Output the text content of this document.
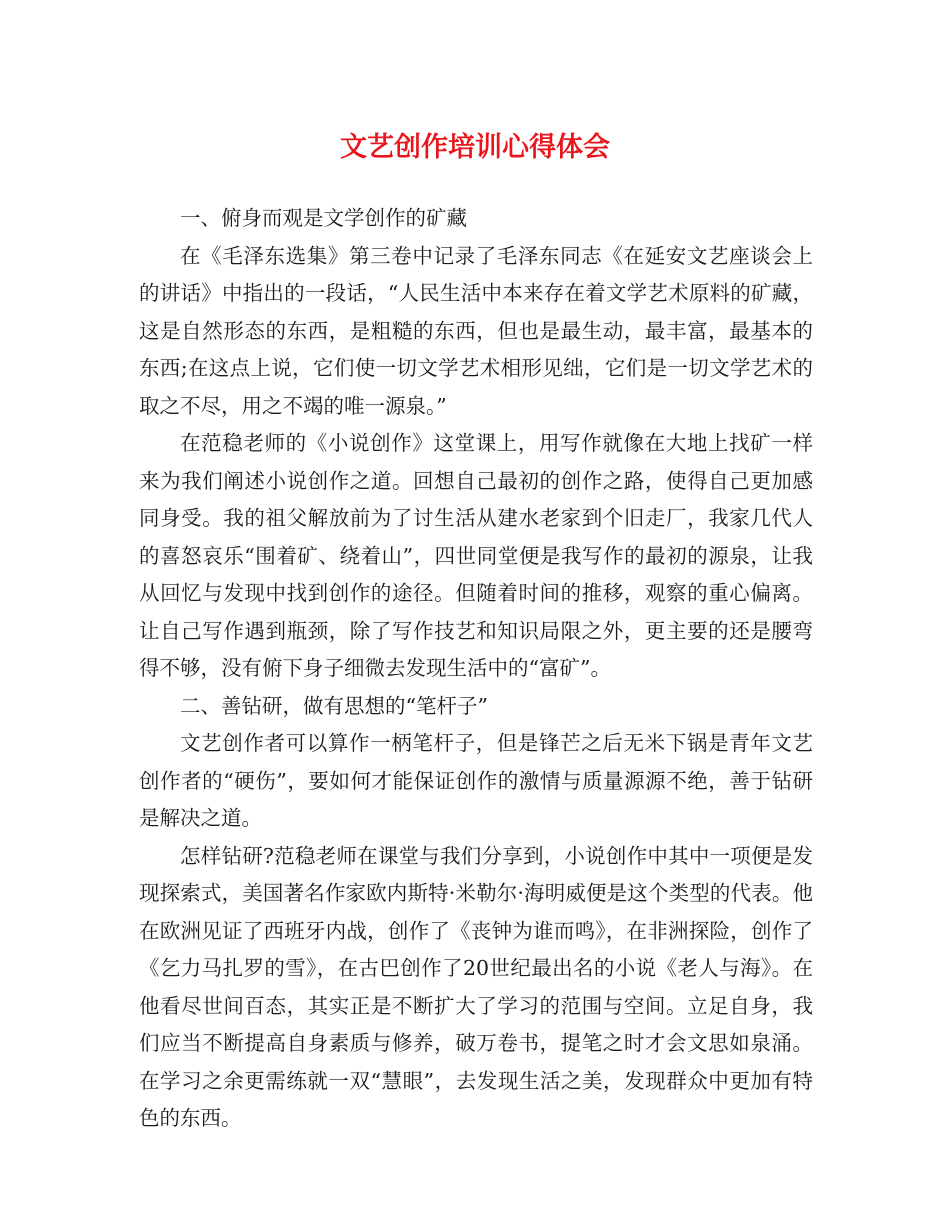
文艺创作培训心得体会

一、俯身而观是文学创作的矿藏

在《毛泽东选集》第三卷中记录了毛泽东同志《在延安文艺座谈会上的讲话》中指出的一段话，“人民生活中本来存在着文学艺术原料的矿藏，这是自然形态的东西，是粗糙的东西，但也是最生动，最丰富，最基本的东西;在这点上说，它们使一切文学艺术相形见绌，它们是一切文学艺术的取之不尽，用之不竭的唯一源泉。”

在范稳老师的《小说创作》这堂课上，用写作就像在大地上找矿一样来为我们阐述小说创作之道。回想自己最初的创作之路，使得自己更加感同身受。我的祖父解放前为了讨生活从建水老家到个旧走厂，我家几代人的喜怒哀乐“围着矿、绕着山”，四世同堂便是我写作的最初的源泉，让我从回忆与发现中找到创作的途径。但随着时间的推移，观察的重心偏离。让自己写作遇到瓶颈，除了写作技艺和知识局限之外，更主要的还是腰弯得不够，没有俯下身子细微去发现生活中的“富矿”。

二、善钻研，做有思想的“笔杆子”

文艺创作者可以算作一柄笔杆子，但是锋芒之后无米下锅是青年文艺创作者的“硬伤”，要如何才能保证创作的激情与质量源源不绝，善于钻研是解决之道。

怎样钻研?范稳老师在课堂与我们分享到，小说创作中其中一项便是发现探索式，美国著名作家欧内斯特·米勒尔·海明威便是这个类型的代表。他在欧洲见证了西班牙内战，创作了《丧钟为谁而鸣》，在非洲探险，创作了《乞力马扎罗的雪》，在古巴创作了20世纪最出名的小说《老人与海》。在他看尽世间百态，其实正是不断扩大了学习的范围与空间。立足自身，我们应当不断提高自身素质与修养，破万卷书，提笔之时才会文思如泉涌。在学习之余更需练就一双“慧眼”，去发现生活之美，发现群众中更加有特色的东西。
